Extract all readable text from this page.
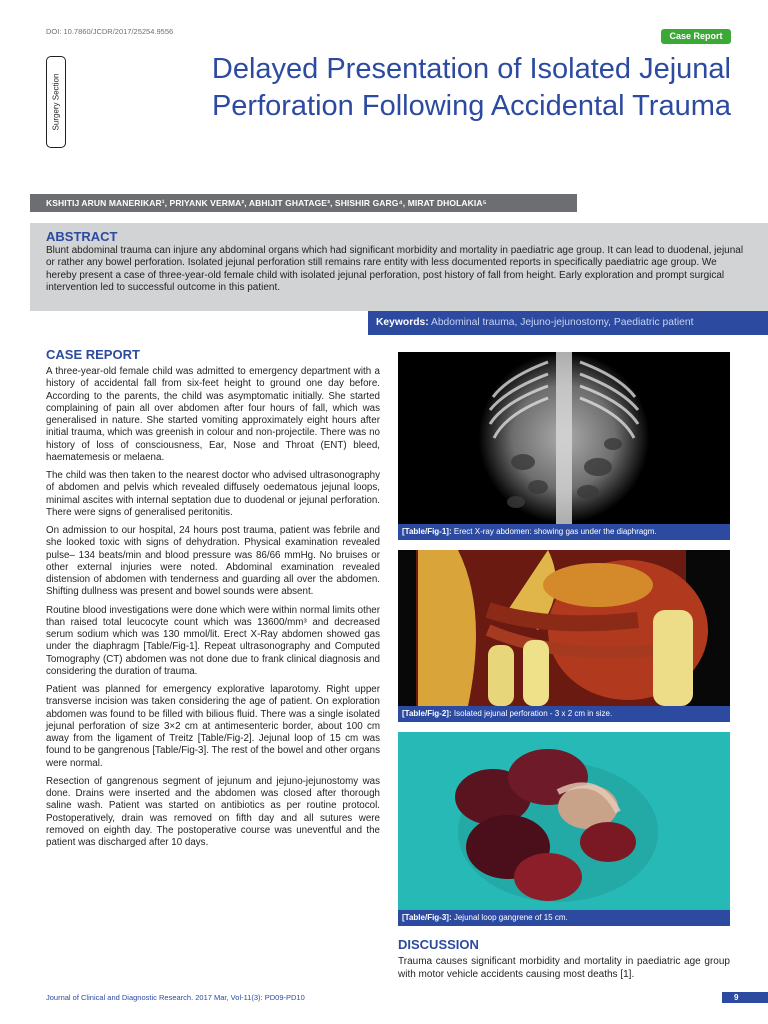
DOI: 10.7860/JCDR/2017/25254.9556	Case Report
Surgery Section
Delayed Presentation of Isolated Jejunal Perforation Following Accidental Trauma
KSHITIJ ARUN MANERIKAR¹, PRIYANK VERMA², ABHIJIT GHATAGE³, SHISHIR GARG⁴, MIRAT DHOLAKIA⁵
ABSTRACT
Blunt abdominal trauma can injure any abdominal organs which had significant morbidity and mortality in paediatric age group. It can lead to duodenal, jejunal or rather any bowel perforation. Isolated jejunal perforation still remains rare entity with less documented reports in specifically paediatric age group. We hereby present a case of three-year-old female child with isolated jejunal perforation, post history of fall from height. Early exploration and prompt surgical intervention led to successful outcome in this patient.
Keywords: Abdominal trauma, Jejuno-jejunostomy, Paediatric patient
CASE REPORT

A three-year-old female child was admitted to emergency department with a history of accidental fall from six-feet height to ground one day before. According to the parents, the child was asymptomatic initially. She started complaining of pain all over abdomen after four hours of fall, which was generalised in nature. She started vomiting approximately eight hours after initial trauma, which was greenish in colour and non-projectile. There was no history of loss of consciousness, Ear, Nose and Throat (ENT) bleed, haematemesis or melaena.

The child was then taken to the nearest doctor who advised ultrasonography of abdomen and pelvis which revealed diffusely oedematous jejunal loops, minimal ascites with internal septation due to duodenal or jejunal perforation. There were signs of generalised peritonitis.

On admission to our hospital, 24 hours post trauma, patient was febrile and she looked toxic with signs of dehydration. Physical examination revealed pulse– 134 beats/min and blood pressure was 86/66 mmHg. No bruises or other external injuries were noted. Abdominal examination revealed distension of abdomen with tenderness and guarding all over the abdomen. Shifting dullness was present and bowel sounds were absent.

Routine blood investigations were done which were within normal limits other than raised total leucocyte count which was 13600/mm³ and decreased serum sodium which was 130 mmol/lit. Erect X-Ray abdomen showed gas under the diaphragm [Table/Fig-1]. Repeat ultrasonography and Computed Tomography (CT) abdomen was not done due to frank clinical diagnosis and considering the duration of trauma.

Patient was planned for emergency explorative laparotomy. Right upper transverse incision was taken considering the age of patient. On exploration abdomen was found to be filled with bilious fluid. There was a single isolated jejunal perforation of size 3×2 cm at antimesenteric border, about 100 cm away from the ligament of Treitz [Table/Fig-2]. Jejunal loop of 15 cm was found to be gangrenous [Table/Fig-3]. The rest of the bowel and other organs were normal.

Resection of gangrenous segment of jejunum and jejuno-jejunostomy was done. Drains were inserted and the abdomen was closed after thorough saline wash. Patient was started on antibiotics as per routine protocol. Postoperatively, drain was removed on fifth day and all sutures were removed on eighth day. The postoperative course was uneventful and the patient was discharged after 10 days.

[Table/Fig-1]: Erect X-ray abdomen: showing gas under the diaphragm.
[Table/Fig-2]: Isolated jejunal perforation - 3 x 2 cm in size.
[Table/Fig-3]: Jejunal loop gangrene of 15 cm.
DISCUSSION

Trauma causes significant morbidity and mortality in paediatric age group with motor vehicle accidents causing most deaths [1].

Journal of Clinical and Diagnostic Research. 2017 Mar, Vol-11(3): PD09-PD10	9
